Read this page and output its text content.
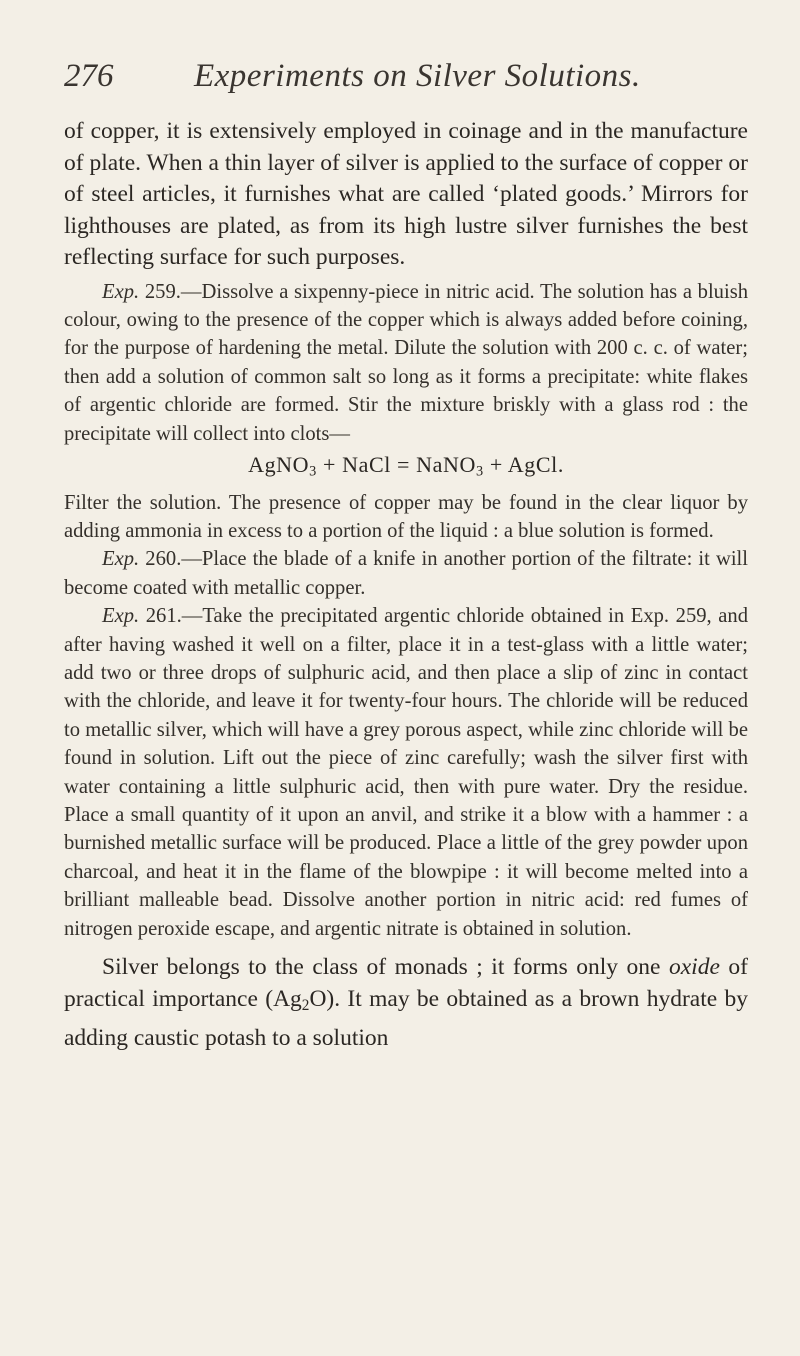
276 Experiments on Silver Solutions.

of copper, it is extensively employed in coinage and in the manufacture of plate. When a thin layer of silver is applied to the surface of copper or of steel articles, it furnishes what are called ‘plated goods.’ Mirrors for lighthouses are plated, as from its high lustre silver furnishes the best reflecting surface for such purposes.

Exp. 259.—Dissolve a sixpenny-piece in nitric acid. The solution has a bluish colour, owing to the presence of the copper which is always added before coining, for the purpose of hardening the metal. Dilute the solution with 200 c. c. of water; then add a solution of common salt so long as it forms a precipitate: white flakes of argentic chloride are formed. Stir the mixture briskly with a glass rod : the precipitate will collect into clots—

AgNO$_3$ + NaCl = NaNO$_3$ + AgCl.

Filter the solution. The presence of copper may be found in the clear liquor by adding ammonia in excess to a portion of the liquid : a blue solution is formed.

Exp. 260.—Place the blade of a knife in another portion of the filtrate: it will become coated with metallic copper.

Exp. 261.—Take the precipitated argentic chloride obtained in Exp. 259, and after having washed it well on a filter, place it in a test-glass with a little water; add two or three drops of sulphuric acid, and then place a slip of zinc in contact with the chloride, and leave it for twenty-four hours. The chloride will be reduced to metallic silver, which will have a grey porous aspect, while zinc chloride will be found in solution. Lift out the piece of zinc carefully; wash the silver first with water containing a little sulphuric acid, then with pure water. Dry the residue. Place a small quantity of it upon an anvil, and strike it a blow with a hammer : a burnished metallic surface will be produced. Place a little of the grey powder upon charcoal, and heat it in the flame of the blowpipe : it will become melted into a brilliant malleable bead. Dissolve another portion in nitric acid: red fumes of nitrogen peroxide escape, and argentic nitrate is obtained in solution.

Silver belongs to the class of monads ; it forms only one oxide of practical importance $(Ag_2O)$. It may be obtained as a brown hydrate by adding caustic potash to a solution
